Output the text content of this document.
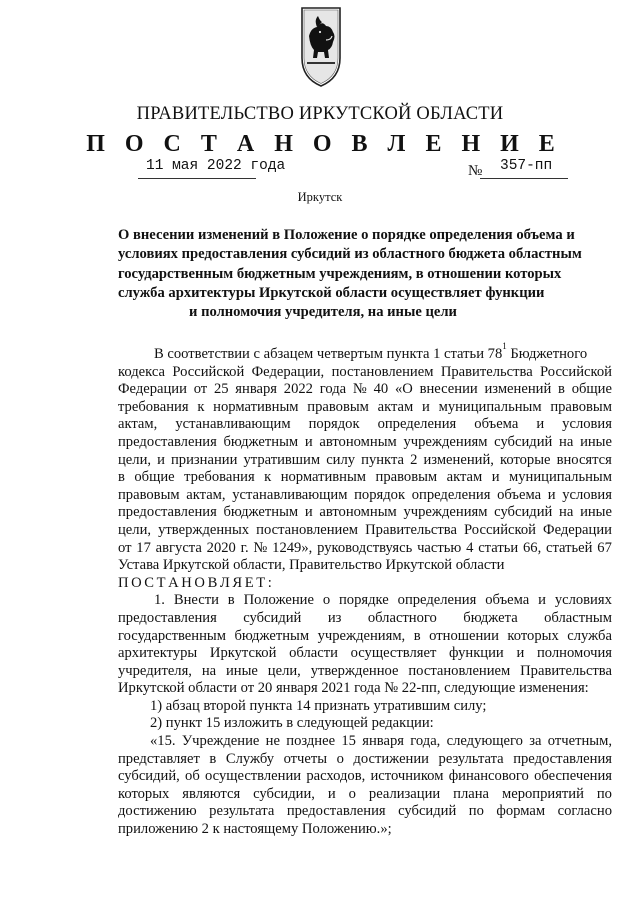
ПРАВИТЕЛЬСТВО ИРКУТСКОЙ ОБЛАСТИ
П О С Т А Н О В Л Е Н И Е
11 мая 2022 года	№ 357-пп
Иркутск
О внесении изменений в Положение о порядке определения объема и
условиях предоставления субсидий из областного бюджета областным
государственным бюджетным учреждениям, в отношении которых
служба архитектуры Иркутской области осуществляет функции
и полномочия учредителя, на иные цели
В соответствии с абзацем четвертым пункта 1 статьи 78 1 Бюджетного
кодекса Российской Федерации, постановлением Правительства Российской
Федерации от 25 января 2022 года № 40 «О внесении изменений в общие
требования к нормативным правовым актам и муниципальным правовым
актам, устанавливающим порядок определения объема и условия
предоставления бюджетным и автономным учреждениям субсидий на иные
цели, и признании утратившим силу пункта 2 изменений, которые вносятся
в общие требования к нормативным правовым актам и муниципальным
правовым актам, устанавливающим порядок определения объема и условия
предоставления бюджетным и автономным учреждениям субсидий на иные
цели, утвержденных постановлением Правительства Российской Федерации
от 17 августа 2020 г. № 1249», руководствуясь частью 4 статьи 66, статьей 67
Устава Иркутской области, Правительство Иркутской области
П О С Т А Н О В Л Я Е Т:
1. Внести в Положение о порядке определения объема и условиях
предоставления субсидий из областного бюджета областным
государственным бюджетным учреждениям, в отношении которых служба
архитектуры Иркутской области осуществляет функции и полномочия
учредителя, на иные цели, утвержденное постановлением Правительства
Иркутской области от 20 января 2021 года № 22-пп, следующие изменения:
1) абзац второй пункта 14 признать утратившим силу;
2) пункт 15 изложить в следующей редакции:
«15. Учреждение не позднее 15 января года, следующего за отчетным,
представляет в Службу отчеты о достижении результата предоставления
субсидий, об осуществлении расходов, источником финансового обеспечения
которых являются субсидии, и о реализации плана мероприятий по
достижению результата предоставления субсидий по формам согласно
приложению 2 к настоящему Положению.»;
